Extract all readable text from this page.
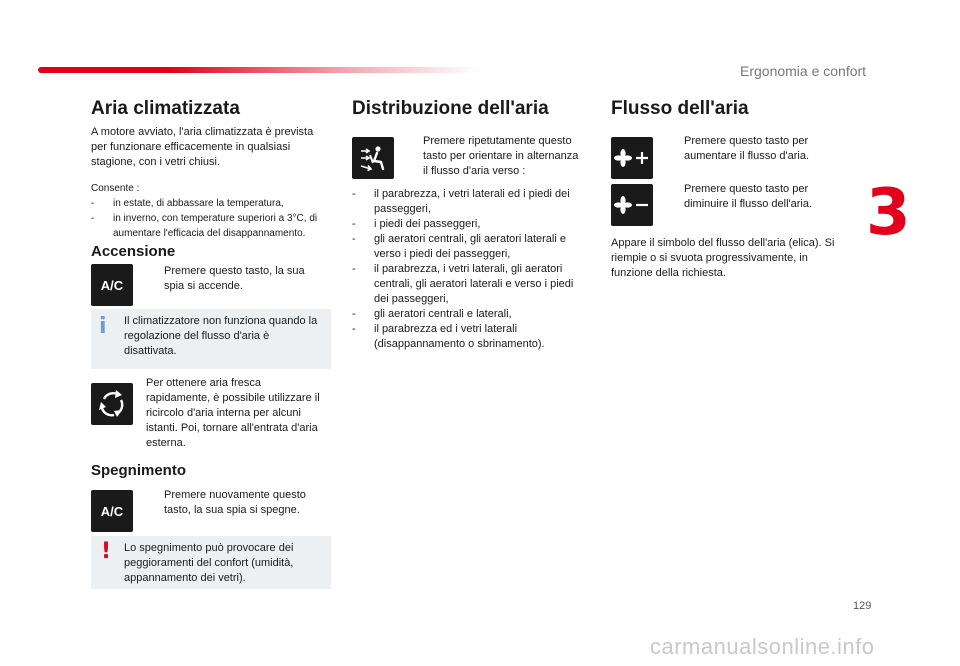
Ergonomia e confort
3
Aria climatizzata
A motore avviato, l'aria climatizzata è prevista per funzionare efficacemente in qualsiasi stagione, con i vetri chiusi.
Consente :
-	in estate, di abbassare la temperatura,
-	in inverno, con temperature superiori a 3°C, di aumentare l'efficacia del disappannamento.
Accensione
A/C
Premere questo tasto, la sua spia si accende.
i Il climatizzatore non funziona quando la regolazione del flusso d'aria è disattivata.
Per ottenere aria fresca rapidamente, è possibile utilizzare il ricircolo d'aria interna per alcuni istanti. Poi, tornare all'entrata d'aria esterna.
Spegnimento
A/C
Premere nuovamente questo tasto, la sua spia si spegne.
! Lo spegnimento può provocare dei peggioramenti del confort (umidità, appannamento dei vetri).
Distribuzione dell'aria
Premere ripetutamente questo tasto per orientare in alternanza il flusso d'aria verso :
-	il parabrezza, i vetri laterali ed i piedi dei passeggeri,
-	i piedi dei passeggeri,
-	gli aeratori centrali, gli aeratori laterali e verso i piedi dei passeggeri,
-	il parabrezza, i vetri laterali, gli aeratori centrali, gli aeratori laterali e verso i piedi dei passeggeri,
-	gli aeratori centrali e laterali,
-	il parabrezza ed i vetri laterali (disappannamento o sbrinamento).
Flusso dell'aria
Premere questo tasto per aumentare il flusso d'aria.
Premere questo tasto per diminuire il flusso dell'aria.
Appare il simbolo del flusso dell'aria (elica). Si riempie o si svuota progressivamente, in funzione della richiesta.
129
carmanualsonline.info
